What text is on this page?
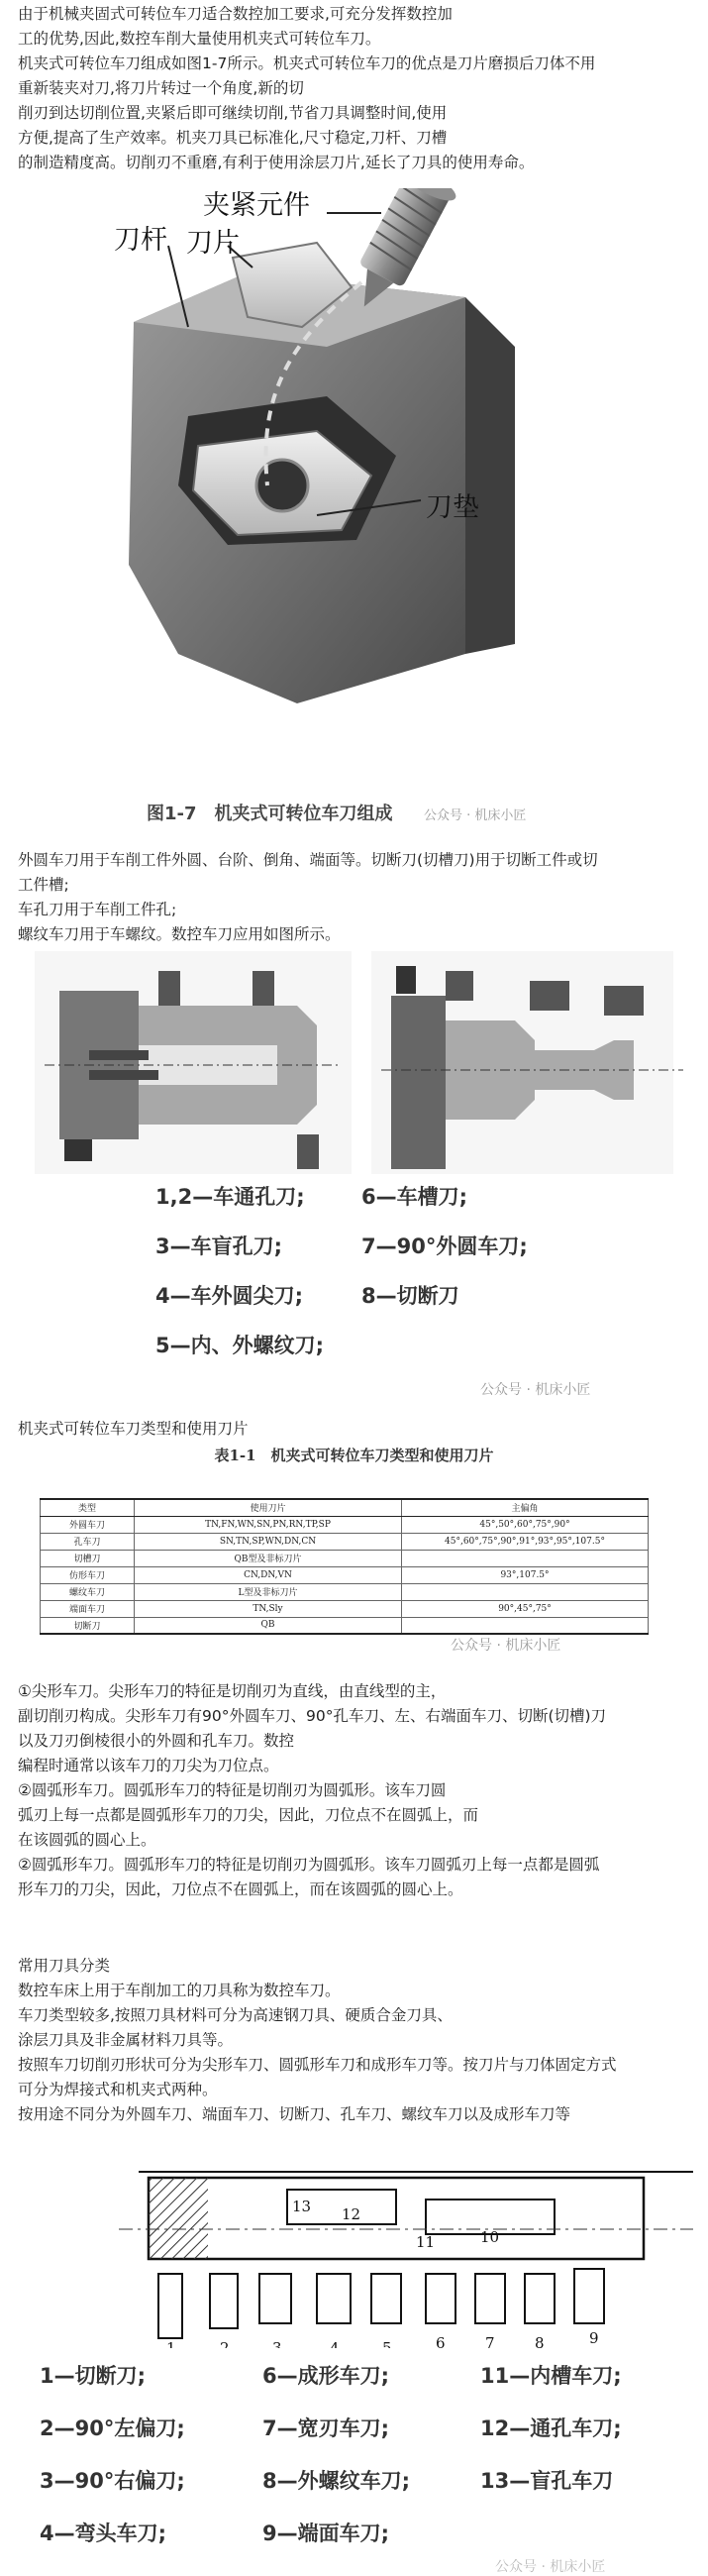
由于机械夹固式可转位车刀适合数控加工要求,可充分发挥数控加

工的优势,因此,数控车削大量使用机夹式可转位车刀。

机夹式可转位车刀组成如图1-7所示。机夹式可转位车刀的优点是刀片磨损后刀体不用

重新装夹对刀,将刀片转过一个角度,新的切

削刃到达切削位置,夹紧后即可继续切削,节省刀具调整时间,使用

方便,提高了生产效率。机夹刀具已标准化,尺寸稳定,刀杆、刀槽

的制造精度高。切削刃不重磨,有利于使用涂层刀片,延长了刀具的使用寿命。

夹紧元件
刀杆 刀片
刀垫
图1-7　机夹式可转位车刀组成 公众号 · 机床小匠

外圆车刀用于车削工件外圆、台阶、倒角、端面等。切断刀(切槽刀)用于切断工件或切

工件槽;

车孔刀用于车削工件孔;

螺纹车刀用于车螺纹。数控车刀应用如图所示。

1,2—车通孔刀;	6—车槽刀;
3—车盲孔刀;	7—90°外圆车刀;
4—车外圆尖刀;	8—切断刀
5—内、外螺纹刀;
公众号 · 机床小匠
机夹式可转位车刀类型和使用刀片
表1-1　机夹式可转位车刀类型和使用刀片
类型	使用刀片	主偏角
外圆车刀	TN,FN,WN,SN,PN,RN,TP,SP	45°,50°,60°,75°,90°
孔车刀	SN,TN,SP,WN,DN,CN	45°,60°,75°,90°,91°,93°,95°,107.5°
切槽刀	QB型及非标刀片	
仿形车刀	CN,DN,VN	93°,107.5°
螺纹车刀	L型及非标刀片	
端面车刀	TN,Sly	90°,45°,75°
切断刀	QB	
公众号 · 机床小匠

①尖形车刀。尖形车刀的特征是切削刃为直线，由直线型的主，

副切削刃构成。尖形车刀有90°外圆车刀、90°孔车刀、左、右端面车刀、切断(切槽)刀

以及刀刃倒棱很小的外圆和孔车刀。数控

编程时通常以该车刀的刀尖为刀位点。

②圆弧形车刀。圆弧形车刀的特征是切削刃为圆弧形。该车刀圆

弧刃上每一点都是圆弧形车刀的刀尖，因此，刀位点不在圆弧上，而

在该圆弧的圆心上。

②圆弧形车刀。圆弧形车刀的特征是切削刃为圆弧形。该车刀圆弧刃上每一点都是圆弧

形车刀的刀尖，因此，刀位点不在圆弧上，而在该圆弧的圆心上。

常用刀具分类

数控车床上用于车削加工的刀具称为数控车刀。

车刀类型较多,按照刀具材料可分为高速钢刀具、硬质合金刀具、

涂层刀具及非金属材料刀具等。

按照车刀切削刃形状可分为尖形车刀、圆弧形车刀和成形车刀等。按刀片与刀体固定方式

可分为焊接式和机夹式两种。

按用途不同分为外圆车刀、端面车刀、切断刀、孔车刀、螺纹车刀以及成形车刀等

1	2	3	4	5	6	7	8	9
10
11
12
13
1—切断刀;	6—成形车刀;	11—内槽车刀;
2—90°左偏刀;	7—宽刃车刀;	12—通孔车刀;
3—90°右偏刀;	8—外螺纹车刀;	13—盲孔车刀
4—弯头车刀;	9—端面车刀;
公众号 · 机床小匠
